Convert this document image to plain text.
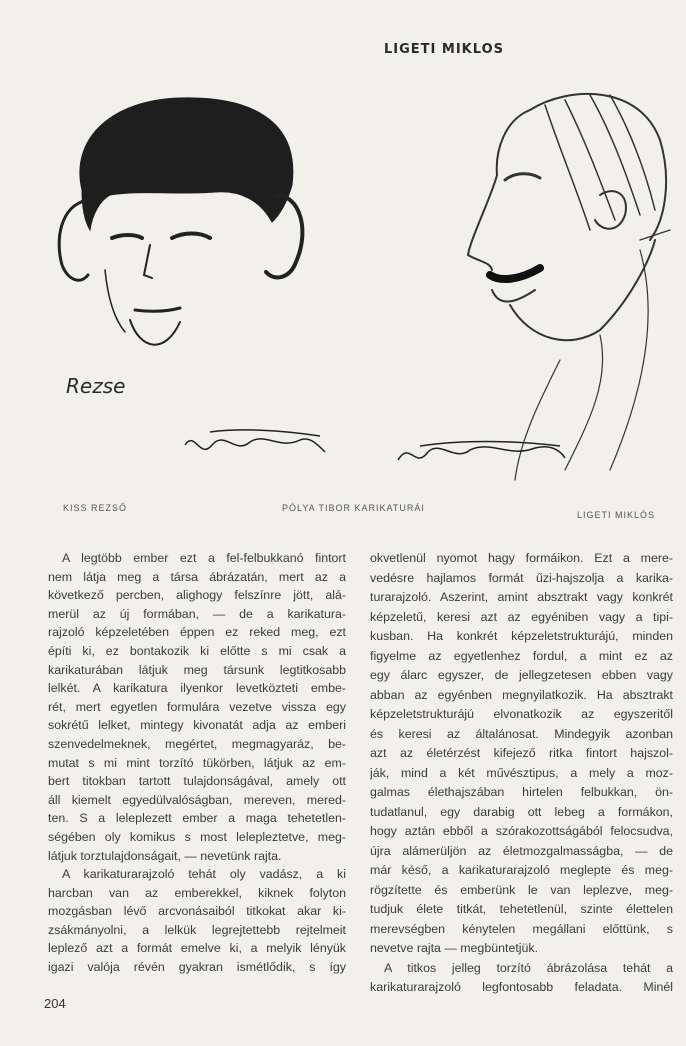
LIGETI MIKLOS
Rezse
KISS REZSŐ	PÓLYA TIBOR KARIKATURÁI
LIGETI MIKLÓS
A legtöbb ember ezt a fel-felbukkanó fintort
nem látja meg a társa ábrázatán, mert az a
következő percben, alighogy felszínre jött, alá-
merül az új formában, — de a karikatura-
rajzoló képzeletében éppen ez reked meg, ezt
építi ki, ez bontakozik ki előtte s mi csak a
karikaturában látjuk meg társunk legtitkosabb
lelkét. A karikatura ilyenkor levetközteti embe-
rét, mert egyetlen formulára vezetve vissza egy
sokrétű lelket, mintegy kivonatát adja az emberi
szenvedelmeknek, megértet, megmagyaráz, be-
mutat s mi mint torzító tükörben, látjuk az em-
bert titokban tartott tulajdonságával, amely ott
áll kiemelt egyedülvalóságban, mereven, mered-
ten. S a leleplezett ember a maga tehetetlen-
ségében oly komikus s most lelepleztetve, meg-
látjuk torztulajdonságait, — nevetünk rajta.
A karikaturarajzoló tehát oly vadász, a ki
harcban van az emberekkel, kiknek folyton
mozgásban lévő arcvonásaiból titkokat akar ki-
zsákmányolni, a lelkük legrejtettebb rejtelmeit
leplező azt a formát emelve ki, a melyik lényük
igazi valója révén gyakran ismétlődik, s így
okvetlenül nyomot hagy formáikon. Ezt a mere-
vedésre hajlamos formát űzi-hajszolja a karika-
turarajzoló. Aszerint, amint absztrakt vagy konkrét
képzeletű, keresi azt az egyéniben vagy a tipi-
kusban. Ha konkrét képzeletstrukturájú, minden
figyelme az egyetlenhez fordul, a mint ez az
egy álarc egyszer, de jellegzetesen ebben vagy
abban az egyénben megnyilatkozik. Ha absztrakt
képzeletstrukturájú elvonatkozik az egyszeritől
és keresi az általánosat. Mindegyik azonban
azt az életérzést kifejező ritka fintort hajszol-
ják, mind a két művésztipus, a mely a moz-
galmas élethajszában hirtelen felbukkan, ön-
tudatlanul, egy darabig ott lebeg a formákon,
hogy aztán ebből a szórakozottságából felocsudva,
újra alámerüljön az életmozgalmasságba, — de
már késő, a karikaturarajzoló meglepte és meg-
rögzítette és emberünk le van leplezve, meg-
tudjuk élete titkát, tehetetlenül, szinte élettelen
merevségben kénytelen megállani előttünk, s
nevetve rajta — megbüntetjük.
A titkos jelleg torzító ábrázolása tehát a
karikaturarajzoló legfontosabb feladata. Minél
204
